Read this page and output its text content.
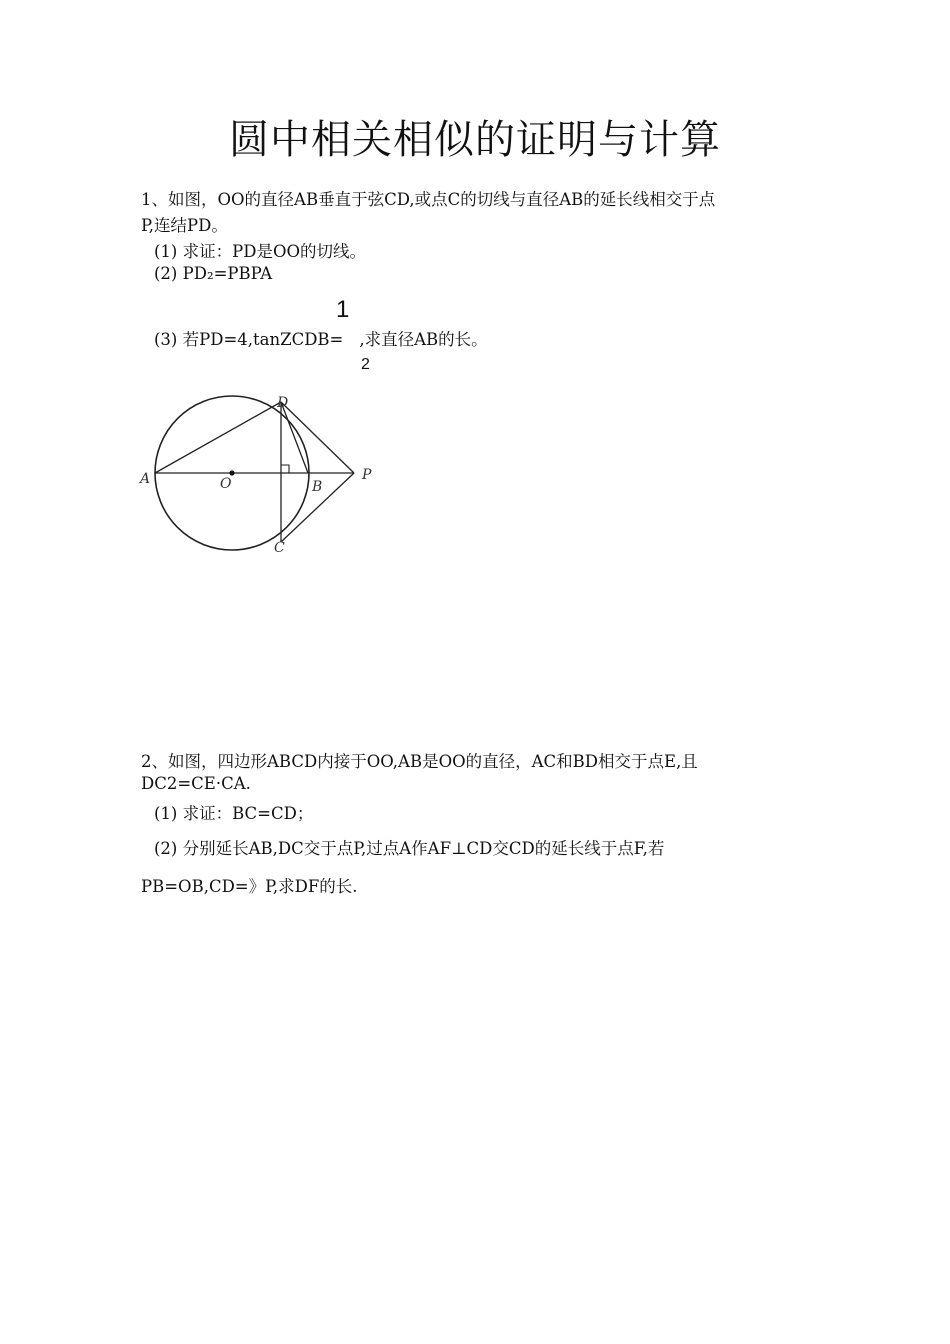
圆中相关相似的证明与计算
1、如图，OO的直径AB垂直于弦CD,或点C的切线与直径AB的延长线相交于点
P,连结PD。
(1) 求证：PD是OO的切线。
(2) PD₂=PBPA
(3) 若PD=4,tanZCDB= ,求直径AB的长。
1
2
A	O	B
P
D
C
2、如图，四边形ABCD内接于OO,AB是OO的直径，AC和BD相交于点E,且
DC2=CE·CA.
(1) 求证：BC=CD；
(2) 分别延长AB,DC交于点P,过点A作AF⊥CD交CD的延长线于点F,若
PB=OB,CD=》P,求DF的长.
